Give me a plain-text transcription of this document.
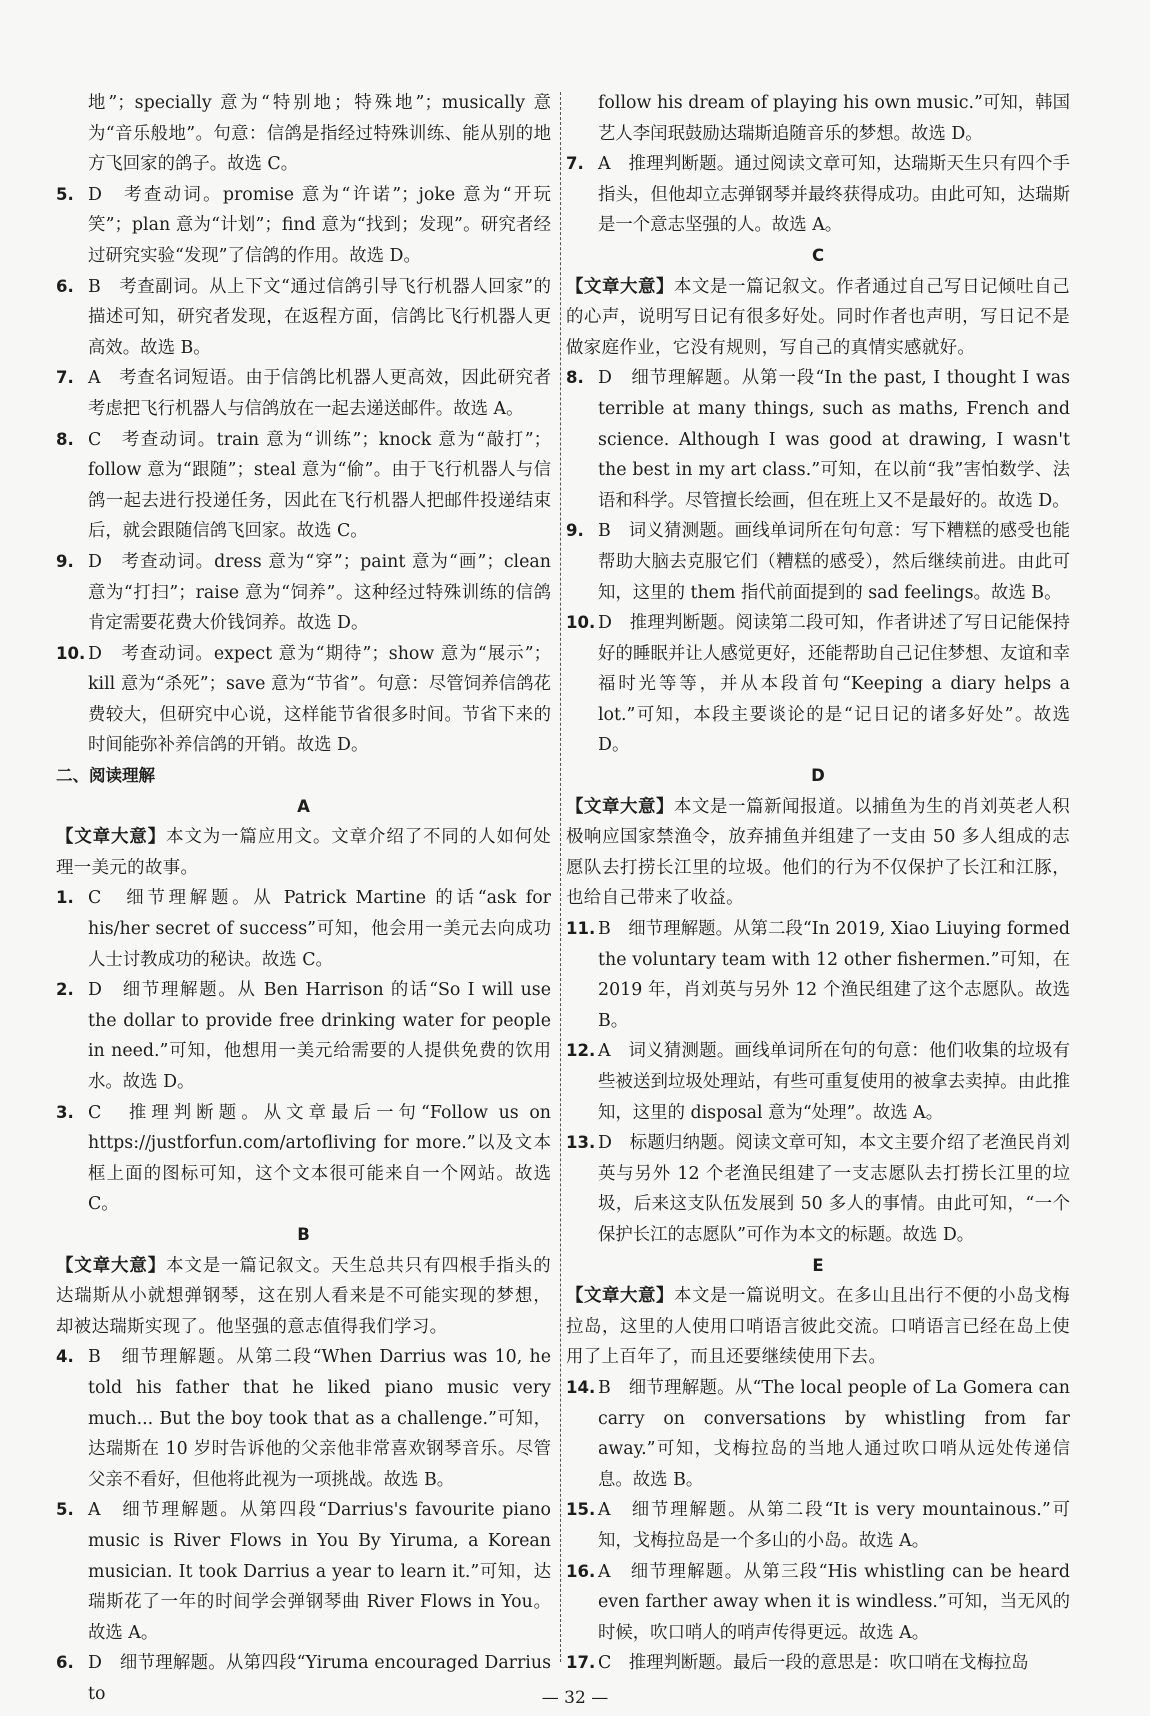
地”；specially 意为“特别地；特殊地”；musically 意为“音乐般地”。句意：信鸽是指经过特殊训练、能从别的地方飞回家的鸽子。故选 C。
5. D　考查动词。promise 意为“许诺”；joke 意为“开玩笑”；plan 意为“计划”；find 意为“找到；发现”。研究者经过研究实验“发现”了信鸽的作用。故选 D。
6. B　考查副词。从上下文“通过信鸽引导飞行机器人回家”的描述可知，研究者发现，在返程方面，信鸽比飞行机器人更高效。故选 B。
7. A　考查名词短语。由于信鸽比机器人更高效，因此研究者考虑把飞行机器人与信鸽放在一起去递送邮件。故选 A。
8. C　考查动词。train 意为“训练”；knock 意为“敲打”；follow 意为“跟随”；steal 意为“偷”。由于飞行机器人与信鸽一起去进行投递任务，因此在飞行机器人把邮件投递结束后，就会跟随信鸽飞回家。故选 C。
9. D　考查动词。dress 意为“穿”；paint 意为“画”；clean 意为“打扫”；raise 意为“饲养”。这种经过特殊训练的信鸽肯定需要花费大价钱饲养。故选 D。
10. D　考查动词。expect 意为“期待”；show 意为“展示”；kill 意为“杀死”；save 意为“节省”。句意：尽管饲养信鸽花费较大，但研究中心说，这样能节省很多时间。节省下来的时间能弥补养信鸽的开销。故选 D。
二、阅读理解
A
【文章大意】本文为一篇应用文。文章介绍了不同的人如何处理一美元的故事。
1. C　细节理解题。从 Patrick Martine 的话“ask for his/her secret of success”可知，他会用一美元去向成功人士讨教成功的秘诀。故选 C。
2. D　细节理解题。从 Ben Harrison 的话“So I will use the dollar to provide free drinking water for people in need.”可知，他想用一美元给需要的人提供免费的饮用水。故选 D。
3. C　推理判断题。从文章最后一句“Follow us on https://justforfun.com/artofliving for more.”以及文本框上面的图标可知，这个文本很可能来自一个网站。故选 C。
B
【文章大意】本文是一篇记叙文。天生总共只有四根手指头的达瑞斯从小就想弹钢琴，这在别人看来是不可能实现的梦想，却被达瑞斯实现了。他坚强的意志值得我们学习。
4. B　细节理解题。从第二段“When Darrius was 10, he told his father that he liked piano music very much... But the boy took that as a challenge.”可知，达瑞斯在 10 岁时告诉他的父亲他非常喜欢钢琴音乐。尽管父亲不看好，但他将此视为一项挑战。故选 B。
5. A　细节理解题。从第四段“Darrius's favourite piano music is River Flows in You By Yiruma, a Korean musician. It took Darrius a year to learn it.”可知，达瑞斯花了一年的时间学会弹钢琴曲 River Flows in You。故选 A。
6. D　细节理解题。从第四段“Yiruma encouraged Darrius to
follow his dream of playing his own music.”可知，韩国艺人李闰珉鼓励达瑞斯追随音乐的梦想。故选 D。
7. A　推理判断题。通过阅读文章可知，达瑞斯天生只有四个手指头，但他却立志弹钢琴并最终获得成功。由此可知，达瑞斯是一个意志坚强的人。故选 A。
C
【文章大意】本文是一篇记叙文。作者通过自己写日记倾吐自己的心声，说明写日记有很多好处。同时作者也声明，写日记不是做家庭作业，它没有规则，写自己的真情实感就好。
8. D　细节理解题。从第一段“In the past, I thought I was terrible at many things, such as maths, French and science. Although I was good at drawing, I wasn't the best in my art class.”可知，在以前“我”害怕数学、法语和科学。尽管擅长绘画，但在班上又不是最好的。故选 D。
9. B　词义猜测题。画线单词所在句句意：写下糟糕的感受也能帮助大脑去克服它们（糟糕的感受），然后继续前进。由此可知，这里的 them 指代前面提到的 sad feelings。故选 B。
10. D　推理判断题。阅读第二段可知，作者讲述了写日记能保持好的睡眠并让人感觉更好，还能帮助自己记住梦想、友谊和幸福时光等等，并从本段首句“Keeping a diary helps a lot.”可知，本段主要谈论的是“记日记的诸多好处”。故选 D。
D
【文章大意】本文是一篇新闻报道。以捕鱼为生的肖刘英老人积极响应国家禁渔令，放弃捕鱼并组建了一支由 50 多人组成的志愿队去打捞长江里的垃圾。他们的行为不仅保护了长江和江豚，也给自己带来了收益。
11. B　细节理解题。从第二段“In 2019, Xiao Liuying formed the voluntary team with 12 other fishermen.”可知，在 2019 年，肖刘英与另外 12 个渔民组建了这个志愿队。故选 B。
12. A　词义猜测题。画线单词所在句的句意：他们收集的垃圾有些被送到垃圾处理站，有些可重复使用的被拿去卖掉。由此推知，这里的 disposal 意为“处理”。故选 A。
13. D　标题归纳题。阅读文章可知，本文主要介绍了老渔民肖刘英与另外 12 个老渔民组建了一支志愿队去打捞长江里的垃圾，后来这支队伍发展到 50 多人的事情。由此可知，“一个保护长江的志愿队”可作为本文的标题。故选 D。
E
【文章大意】本文是一篇说明文。在多山且出行不便的小岛戈梅拉岛，这里的人使用口哨语言彼此交流。口哨语言已经在岛上使用了上百年了，而且还要继续使用下去。
14. B　细节理解题。从“The local people of La Gomera can carry on conversations by whistling from far away.”可知，戈梅拉岛的当地人通过吹口哨从远处传递信息。故选 B。
15. A　细节理解题。从第二段“It is very mountainous.”可知，戈梅拉岛是一个多山的小岛。故选 A。
16. A　细节理解题。从第三段“His whistling can be heard even farther away when it is windless.”可知，当无风的时候，吹口哨人的哨声传得更远。故选 A。
17. C　推理判断题。最后一段的意思是：吹口哨在戈梅拉岛
— 32 —
